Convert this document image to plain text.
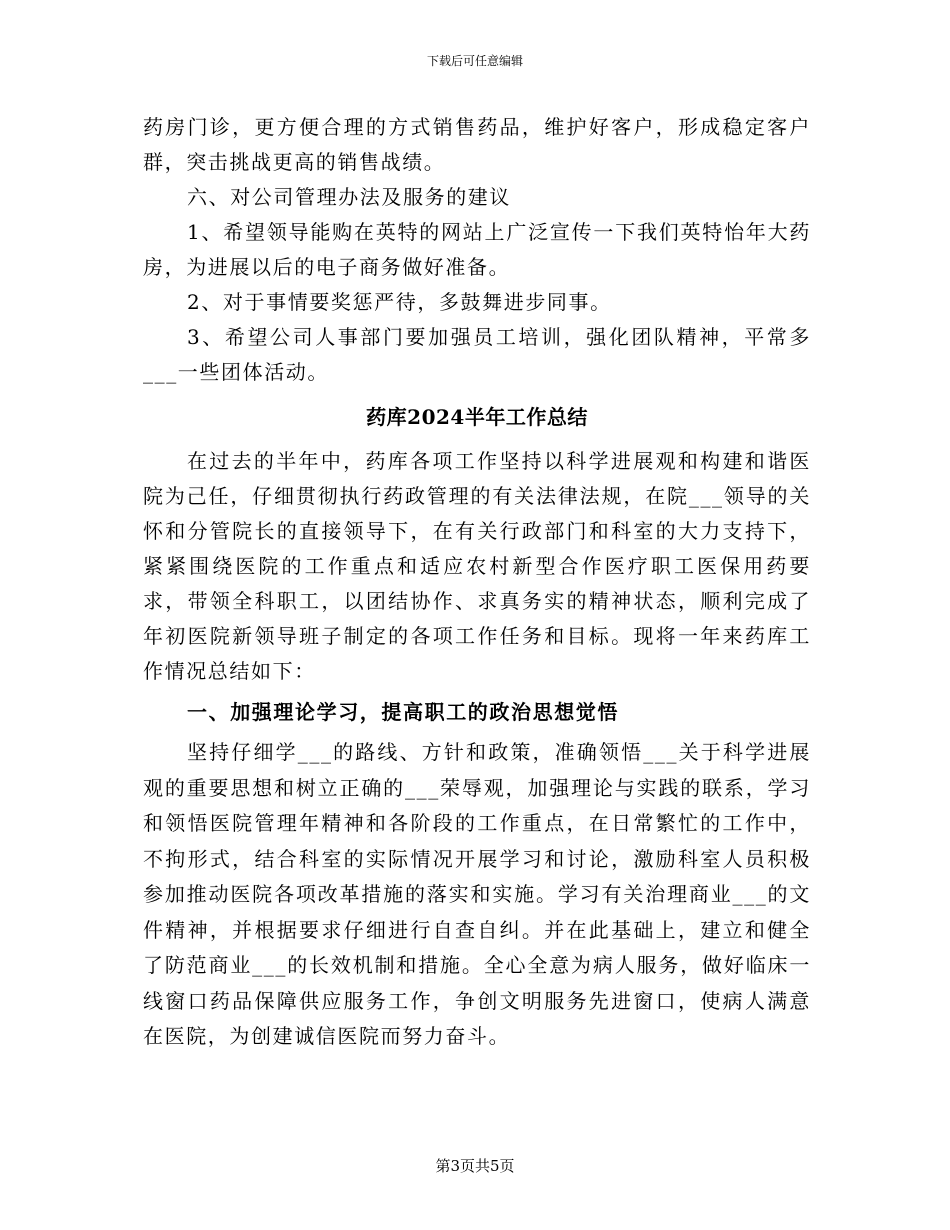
下载后可任意编辑

药房门诊，更方便合理的方式销售药品，维护好客户，形成稳定客户群，突击挑战更高的销售战绩。

六、对公司管理办法及服务的建议

1、希望领导能购在英特的网站上广泛宣传一下我们英特怡年大药房，为进展以后的电子商务做好准备。

2、对于事情要奖惩严待，多鼓舞进步同事。

3、希望公司人事部门要加强员工培训，强化团队精神，平常多___一些团体活动。

药库2024半年工作总结

在过去的半年中，药库各项工作坚持以科学进展观和构建和谐医院为己任，仔细贯彻执行药政管理的有关法律法规，在院___领导的关怀和分管院长的直接领导下，在有关行政部门和科室的大力支持下，紧紧围绕医院的工作重点和适应农村新型合作医疗职工医保用药要求，带领全科职工，以团结协作、求真务实的精神状态，顺利完成了年初医院新领导班子制定的各项工作任务和目标。现将一年来药库工作情况总结如下：

一、加强理论学习，提高职工的政治思想觉悟

坚持仔细学___的路线、方针和政策，准确领悟___关于科学进展观的重要思想和树立正确的___荣辱观，加强理论与实践的联系，学习和领悟医院管理年精神和各阶段的工作重点，在日常繁忙的工作中，不拘形式，结合科室的实际情况开展学习和讨论，激励科室人员积极参加推动医院各项改革措施的落实和实施。学习有关治理商业___的文件精神，并根据要求仔细进行自查自纠。并在此基础上，建立和健全了防范商业___的长效机制和措施。全心全意为病人服务，做好临床一线窗口药品保障供应服务工作，争创文明服务先进窗口，使病人满意在医院，为创建诚信医院而努力奋斗。

第3页共5页
